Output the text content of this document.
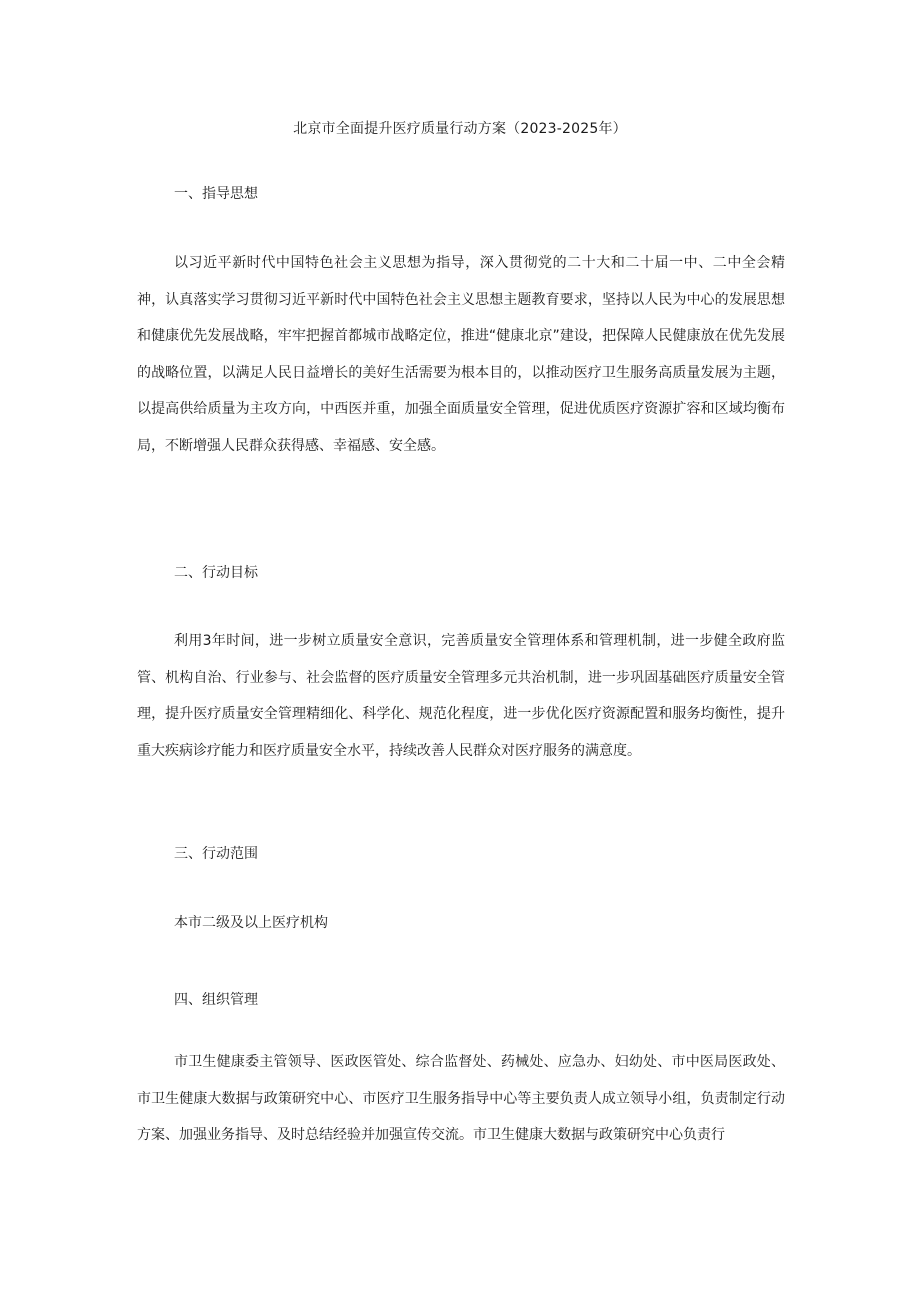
北京市全面提升医疗质量行动方案（2023-2025年）
一、指导思想
以习近平新时代中国特色社会主义思想为指导，深入贯彻党的二十大和二十届一中、二中全会精神，认真落实学习贯彻习近平新时代中国特色社会主义思想主题教育要求，坚持以人民为中心的发展思想和健康优先发展战略，牢牢把握首都城市战略定位，推进“健康北京”建设，把保障人民健康放在优先发展的战略位置，以满足人民日益增长的美好生活需要为根本目的，以推动医疗卫生服务高质量发展为主题，以提高供给质量为主攻方向，中西医并重，加强全面质量安全管理，促进优质医疗资源扩容和区域均衡布局，不断增强人民群众获得感、幸福感、安全感。
二、行动目标
利用3年时间，进一步树立质量安全意识，完善质量安全管理体系和管理机制，进一步健全政府监管、机构自治、行业参与、社会监督的医疗质量安全管理多元共治机制，进一步巩固基础医疗质量安全管理，提升医疗质量安全管理精细化、科学化、规范化程度，进一步优化医疗资源配置和服务均衡性，提升重大疾病诊疗能力和医疗质量安全水平，持续改善人民群众对医疗服务的满意度。
三、行动范围
本市二级及以上医疗机构
四、组织管理
市卫生健康委主管领导、医政医管处、综合监督处、药械处、应急办、妇幼处、市中医局医政处、市卫生健康大数据与政策研究中心、市医疗卫生服务指导中心等主要负责人成立领导小组，负责制定行动方案、加强业务指导、及时总结经验并加强宣传交流。市卫生健康大数据与政策研究中心负责行
